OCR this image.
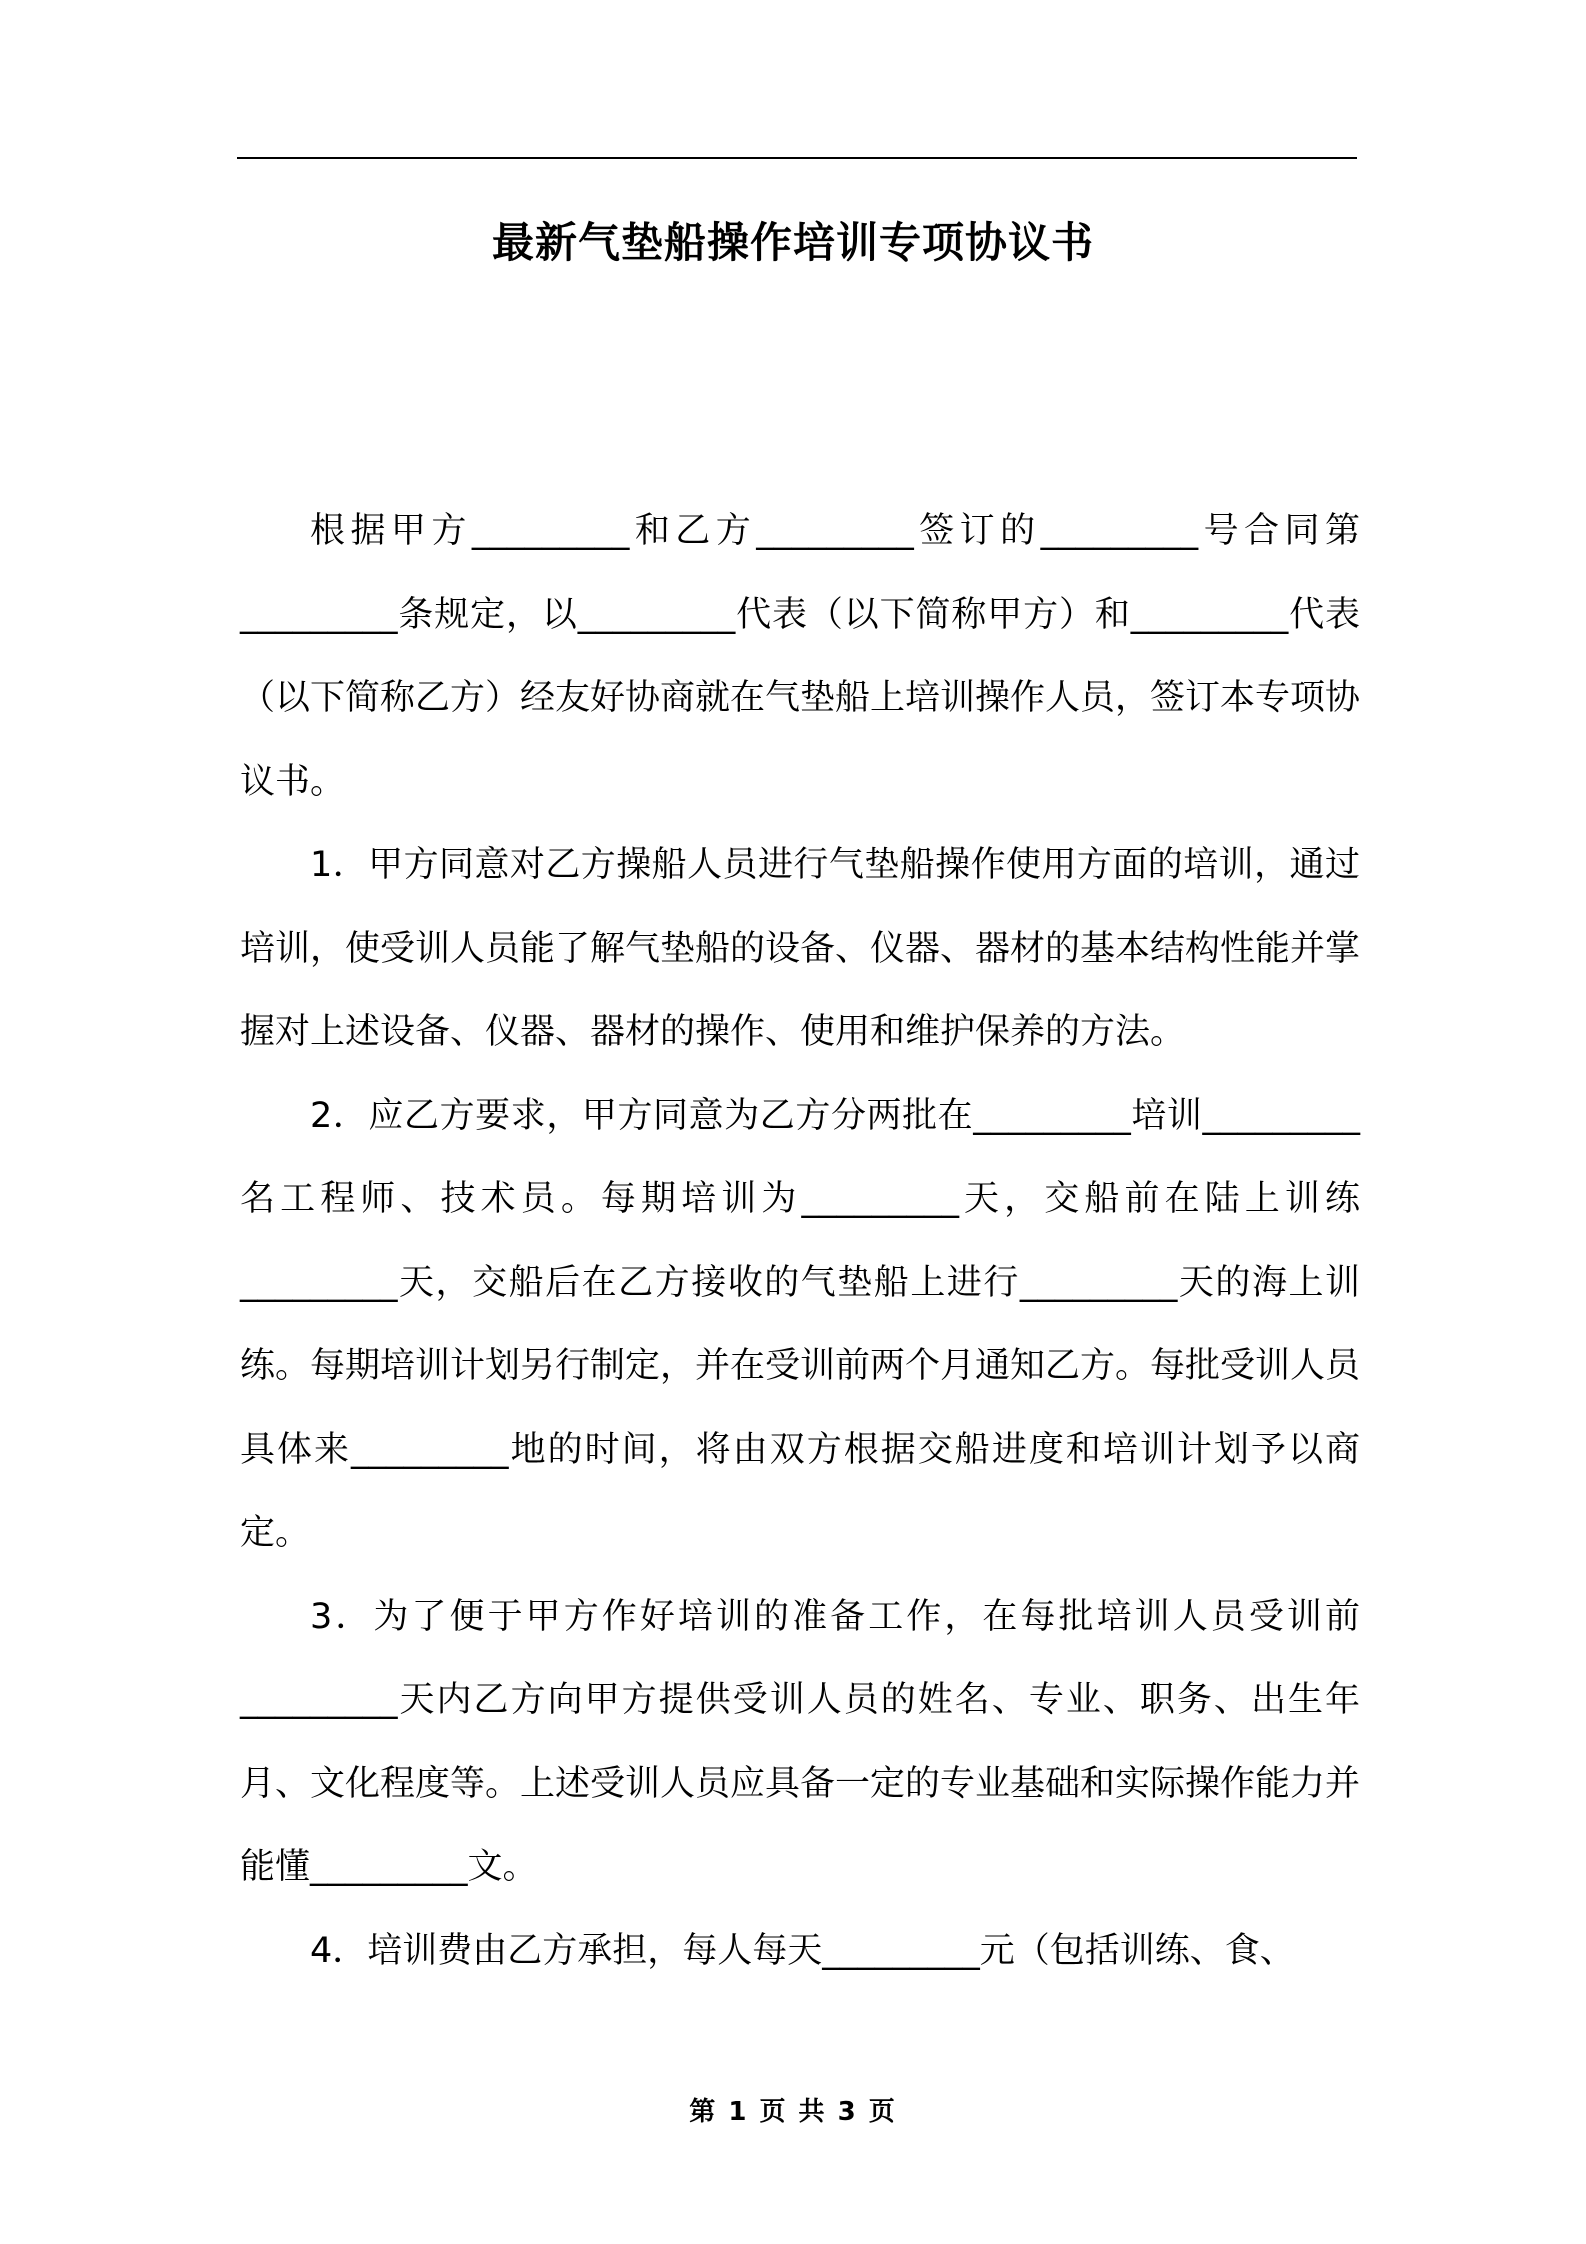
最新气垫船操作培训专项协议书

根据甲方_________和乙方_________签订的_________号合同第_________条规定，以_________代表（以下简称甲方）和_________代表（以下简称乙方）经友好协商就在气垫船上培训操作人员，签订本专项协议书。

1．甲方同意对乙方操船人员进行气垫船操作使用方面的培训，通过培训，使受训人员能了解气垫船的设备、仪器、器材的基本结构性能并掌握对上述设备、仪器、器材的操作、使用和维护保养的方法。

2．应乙方要求，甲方同意为乙方分两批在_________培训_________名工程师、技术员。每期培训为_________天，交船前在陆上训练_________天，交船后在乙方接收的气垫船上进行_________天的海上训练。每期培训计划另行制定，并在受训前两个月通知乙方。每批受训人员具体来_________地的时间，将由双方根据交船进度和培训计划予以商定。

3．为了便于甲方作好培训的准备工作，在每批培训人员受训前_________天内乙方向甲方提供受训人员的姓名、专业、职务、出生年月、文化程度等。上述受训人员应具备一定的专业基础和实际操作能力并能懂_________文。

4．培训费由乙方承担，每人每天_________元（包括训练、食、

第 1 页 共 3 页
